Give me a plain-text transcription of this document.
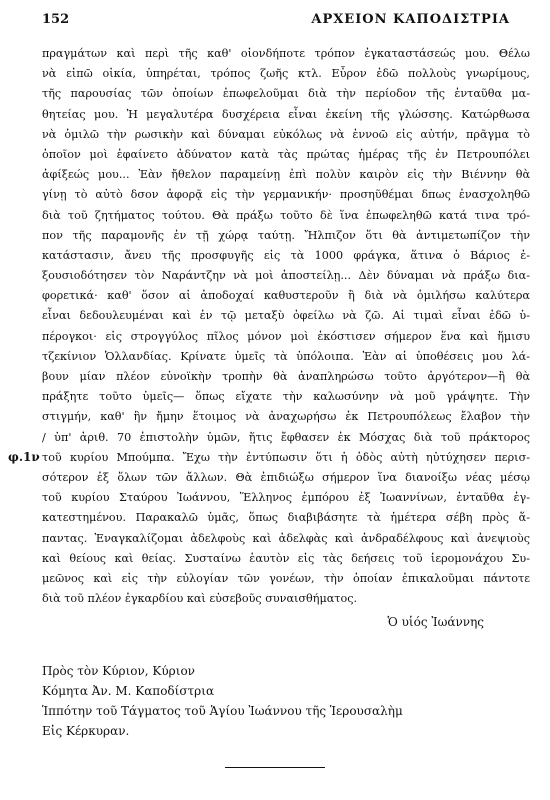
152	ΑΡΧΕΙΟΝ ΚΑΠΟΔΙΣΤΡΙΑ
φ.1ν
πραγμάτων καὶ περὶ τῆς καθ' οἱονδήποτε τρόπον ἐγκαταστάσεώς μου. Θέλω
νὰ εἰπῶ οἰκία, ὑπηρέται, τρόπος ζωῆς κτλ. Εὗρον ἐδῶ πολλοὺς γνωρίμους,
τῆς παρουσίας τῶν ὁποίων ἐπωφελοῦμαι διὰ τὴν περίοδον τῆς ἐνταῦθα μα-
θητείας μου. Ἡ μεγαλυτέρα δυσχέρεια εἶναι ἐκείνη τῆς γλώσσης. Κατώρθωσα
νὰ ὁμιλῶ τὴν ρωσικὴν καὶ δύναμαι εὐκόλως νὰ ἐννοῶ εἰς αὐτήν, πρᾶγμα τὸ
ὁποῖον μοὶ ἐφαίνετο ἀδύνατον κατὰ τὰς πρώτας ἡμέρας τῆς ἐν Πετρουπόλει
ἀφίξεώς μου... Ἐὰν ἤθελον παραμείνῃ ἐπὶ πολὺν καιρὸν εἰς τὴν Βιέννην θὰ
γίνῃ τὸ αὐτὸ δσον ἀφορᾷ εἰς τὴν γερμανικήν· προσηῦθέμαι δπως ἐνασχοληθῶ
διὰ τοῦ ζητήματος τούτου. Θὰ πράξω τοῦτο δὲ ἵνα ἐπωφεληθῶ κατά τινα τρό-
πον τῆς παραμονῆς ἐν τῇ χώρᾳ ταύτῃ. Ἤλπιζον ὅτι θὰ ἀντιμετωπίζον τὴν
κατάστασιν, ἄνευ τῆς προσφυγῆς εἰς τὰ 1000 φράγκα, ἅτινα ὁ Βάριος ἐ-
ξουσιοδότησεν τὸν Ναράντζην νὰ μοὶ ἀποστείλῃ... Δὲν δύναμαι νὰ πράξω δια-
φορετικά· καθ' ὅσον αἱ ἀποδοχαί καθυστεροῦν ἢ διὰ νὰ ὁμιλήσω καλύτερα
εἶναι δεδουλευμέναι καὶ ἐν τῷ μεταξὺ ὀφείλω νὰ ζῶ. Αἱ τιμαὶ εἶναι ἐδῶ ὑ-
πέρογκοι· εἰς στρογγύλος πῖλος μόνον μοὶ ἐκόστισεν σήμερον ἕνα καὶ ἥμισυ
τζεκίνιον Ὁλλανδίας. Κρίνατε ὑμεῖς τὰ ὑπόλοιπα. Ἐὰν αἱ ὑποθέσεις μου λά-
βουν μίαν πλέον εὐνοϊκὴν τροπὴν θὰ ἀναπληρώσω τοῦτο ἀργότερον—ἢ θὰ
πράξητε τοῦτο ὑμεῖς— ὅπως εἴχατε τὴν καλωσύνην νὰ μοῦ γράψητε. Τὴν
στιγμήν, καθ' ἣν ἤμην ἕτοιμος νὰ ἀναχωρήσω ἐκ Πετρουπόλεως ἔλαβον τὴν
/ ὑπ' ἀριθ. 70 ἐπιστολὴν ὑμῶν, ἥτις ἔφθασεν ἐκ Μόσχας διὰ τοῦ πράκτορος
τοῦ κυρίου Μπούμπα. Ἔχω τὴν ἐντύπωσιν ὅτι ἡ ὁδὸς αὐτὴ ηὐτύχησεν περισ-
σότερον ἐξ ὅλων τῶν ἄλλων. Θὰ ἐπιδιώξω σήμερον ἵνα διανοίξω νέας μέσῳ
τοῦ κυρίου Σταύρου Ἰωάννου, Ἕλληνος ἐμπόρου ἐξ Ἰωαννίνων, ἐνταῦθα ἐγ-
κατεστημένου. Παρακαλῶ ὑμᾶς, ὅπως διαβιβάσητε τὰ ἡμέτερα σέβη πρὸς ἅ-
παντας. Ἐναγκαλίζομαι ἀδελφοὺς καὶ ἀδελφὰς καὶ ἀνδραδέλφους καὶ ἀνεψιοὺς
καὶ θείους καὶ θείας. Συσταίνω ἑαυτὸν εἰς τὰς δεήσεις τοῦ ἱερομονάχου Συ-
μεῶνος καὶ εἰς τὴν εὐλογίαν τῶν γονέων, τὴν ὁποίαν ἐπικαλοῦμαι πάντοτε
διὰ τοῦ πλέον ἐγκαρδίου καὶ εὐσεβοῦς συναισθήματος.
Ὁ υἱός Ἰωάννης
Πρὸς τὸν Κύριον, Κύριον
Κόμητα Ἀν. Μ. Καποδίστρια
Ἱππότην τοῦ Τάγματος τοῦ Ἁγίου Ἰωάννου τῆς Ἱερουσαλὴμ
Εἰς Κέρκυραν.
